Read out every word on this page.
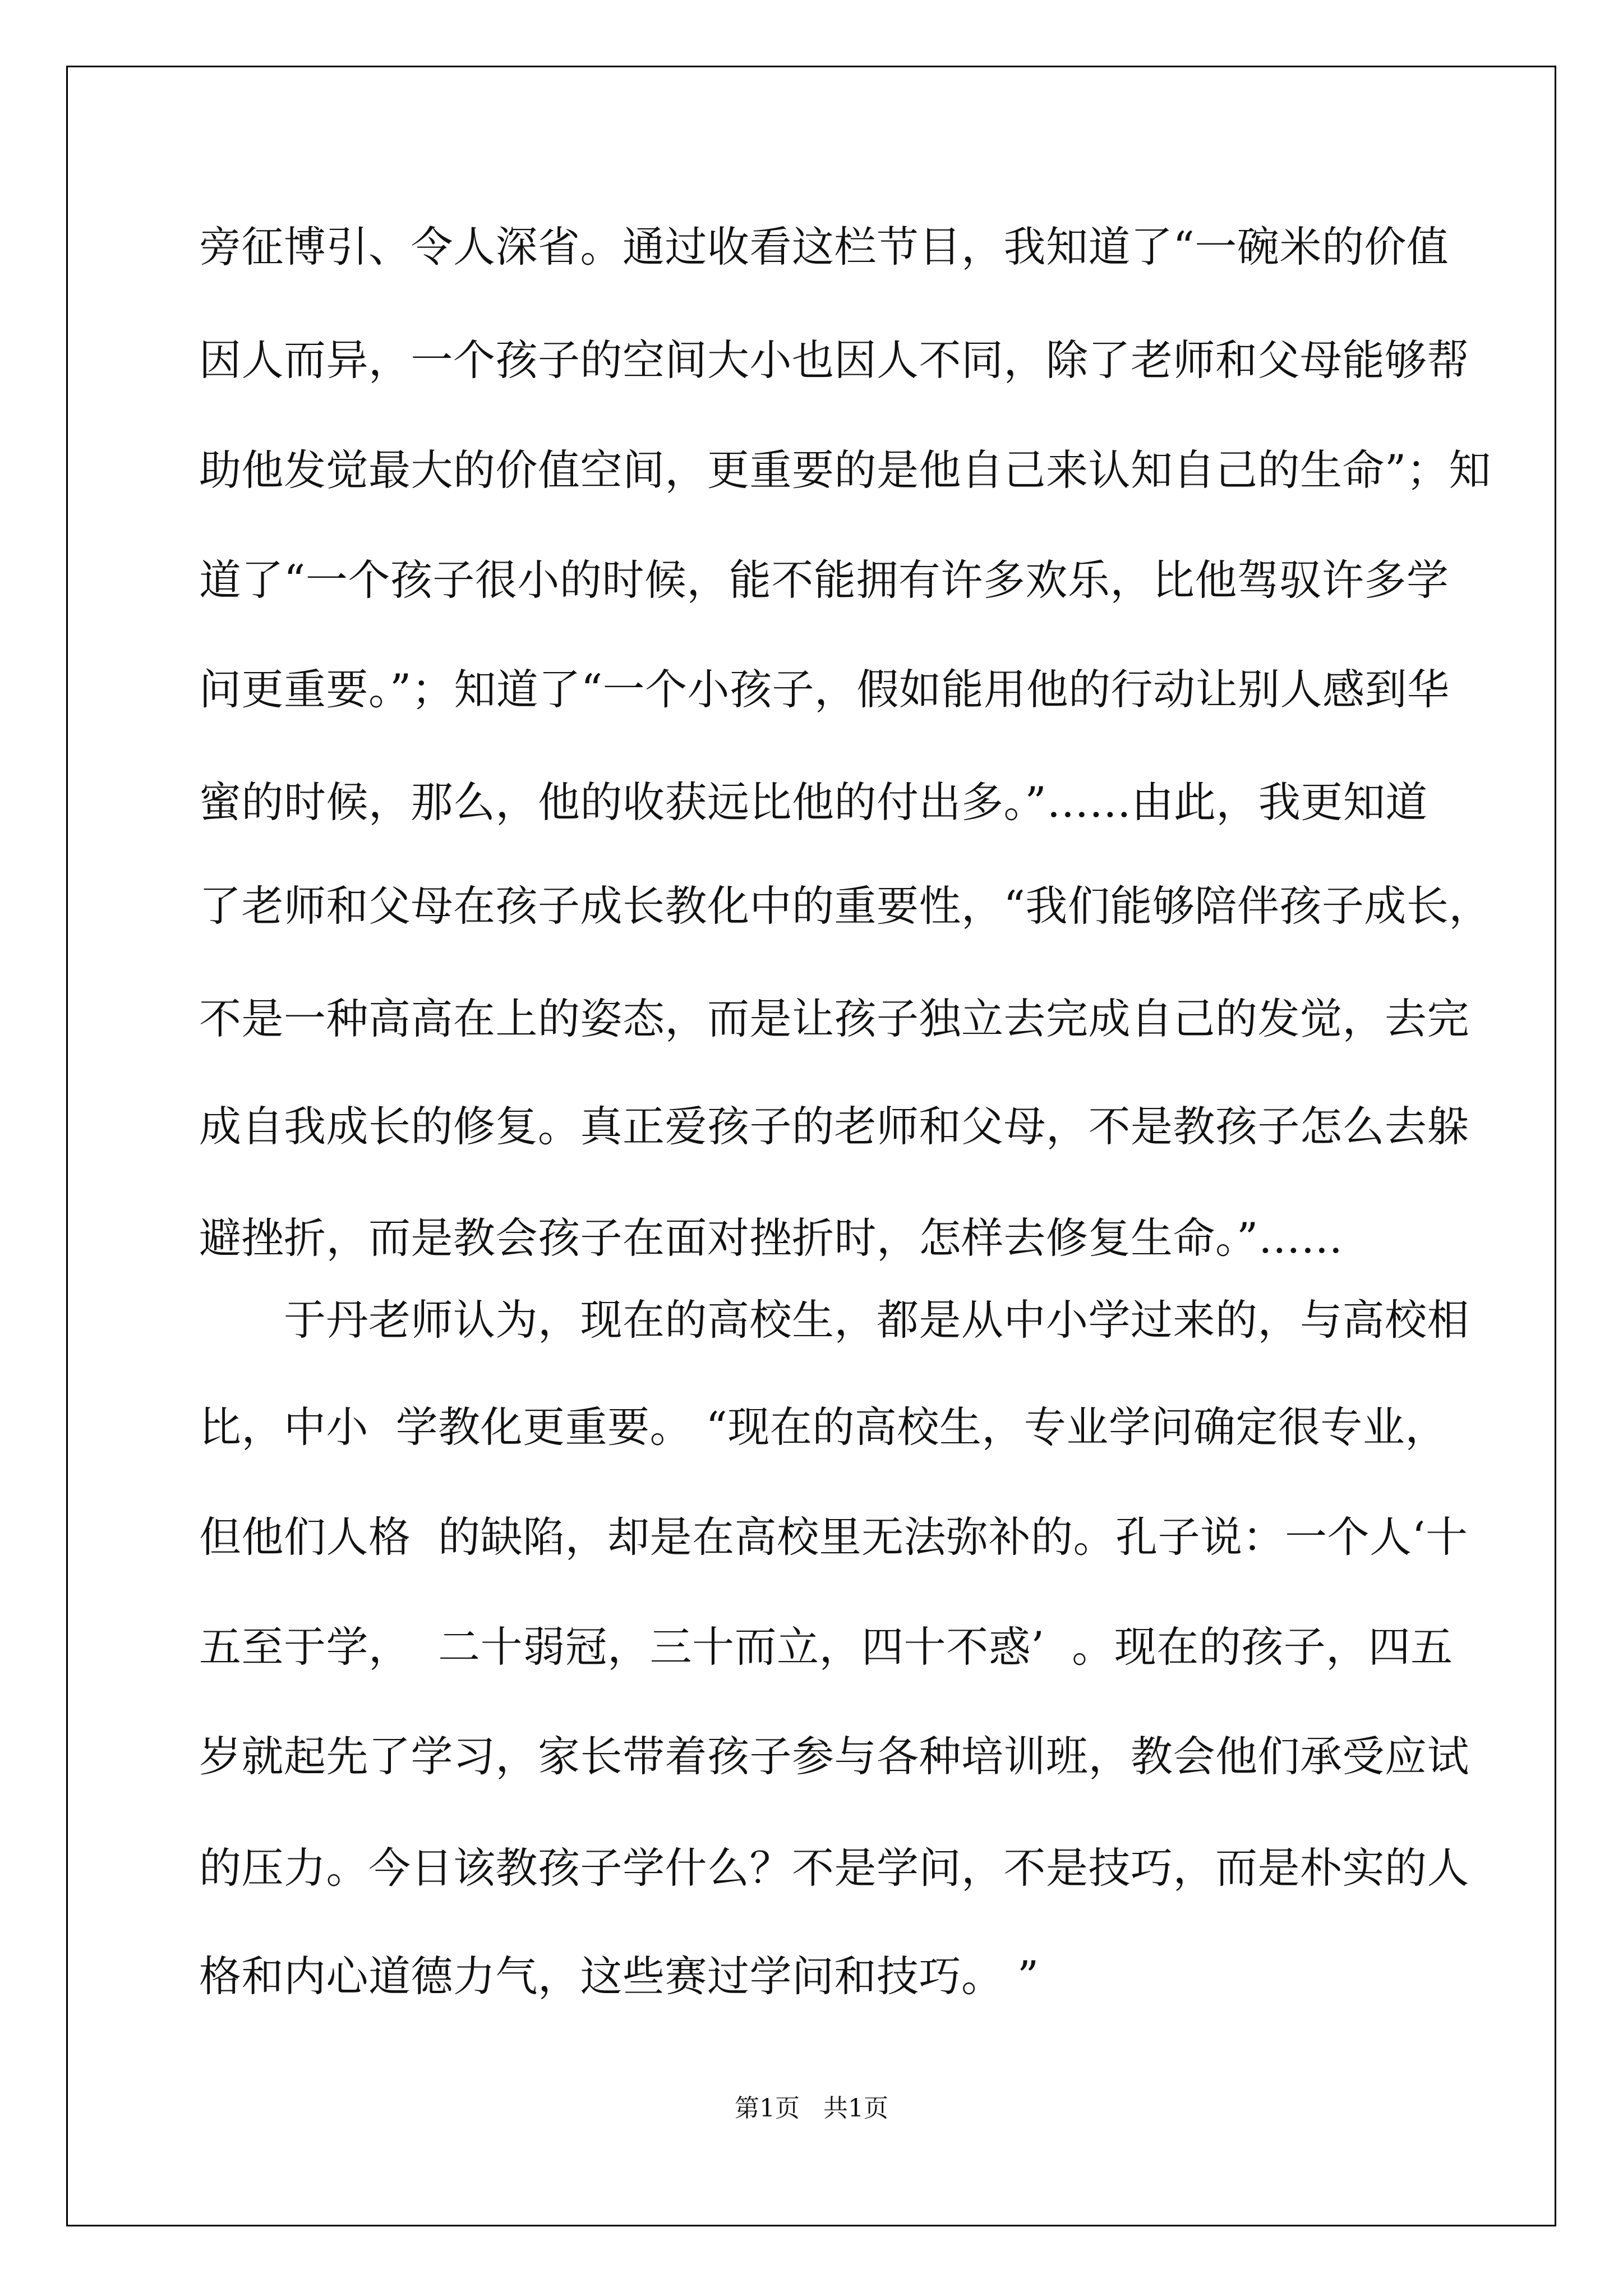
旁征博引、令人深省。通过收看这栏节目，我知道了“一碗米的价值

因人而异，一个孩子的空间大小也因人不同，除了老师和父母能够帮

助他发觉最大的价值空间，更重要的是他自己来认知自己的生命”；知

道了“一个孩子很小的时候，能不能拥有许多欢乐，比他驾驭许多学

问更重要。”；知道了“一个小孩子，假如能用他的行动让别人感到华

蜜的时候，那么，他的收获远比他的付出多。”……由此，我更知道

了老师和父母在孩子成长教化中的重要性，“我们能够陪伴孩子成长，

不是一种高高在上的姿态，而是让孩子独立去完成自己的发觉，去完

成自我成长的修复。真正爱孩子的老师和父母，不是教孩子怎么去躲

避挫折，而是教会孩子在面对挫折时，怎样去修复生命。”……

　　于丹老师认为，现在的高校生，都是从中小学过来的，与高校相

比，中小  学教化更重要。 “现在的高校生，专业学问确定很专业，

但他们人格  的缺陷，却是在高校里无法弥补的。孔子说：一个人‘十

五至于学，  二十弱冠，三十而立，四十不惑’  。现在的孩子，四五

岁就起先了学习，家长带着孩子参与各种培训班，教会他们承受应试

的压力。今日该教孩子学什么？不是学问，不是技巧，而是朴实的人

格和内心道德力气，这些赛过学问和技巧。 ”

第1页   共1页
